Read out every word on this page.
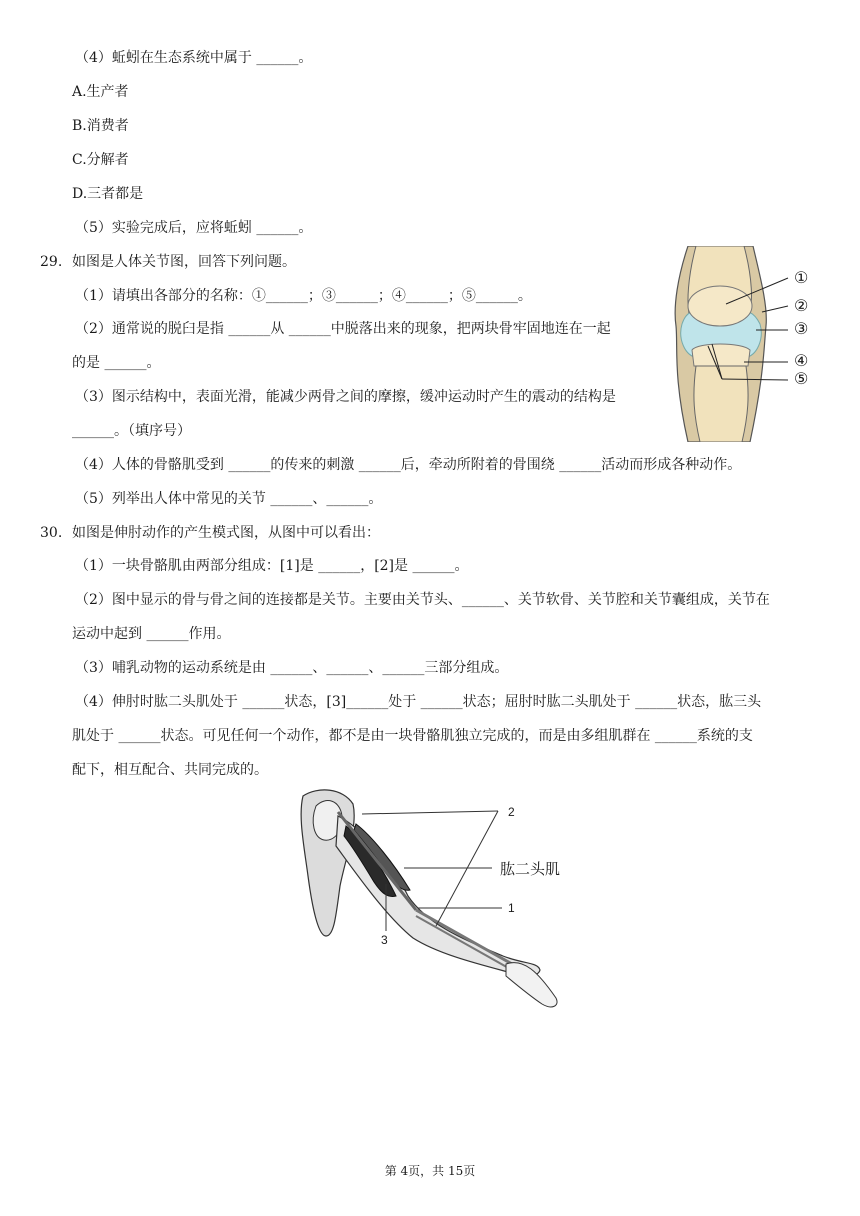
（4）蚯蚓在生态系统中属于 ______。
A.生产者
B.消费者
C.分解者
D.三者都是
（5）实验完成后，应将蚯蚓 ______。
29. 如图是人体关节图，回答下列问题。
（1）请填出各部分的名称：①______；③______；④______；⑤______。
（2）通常说的脱臼是指 ______从 ______中脱落出来的现象，把两块骨牢固地连在一起
的是 ______。
（3）图示结构中，表面光滑，能减少两骨之间的摩擦，缓冲运动时产生的震动的结构是
______。（填序号）
（4）人体的骨骼肌受到 ______的传来的刺激 ______后，牵动所附着的骨围绕 ______活动而形成各种动作。
（5）列举出人体中常见的关节 ______、______。
①
②
③
④
⑤
30. 如图是伸肘动作的产生模式图，从图中可以看出：
（1）一块骨骼肌由两部分组成：[1]是 ______，[2]是 ______。
（2）图中显示的骨与骨之间的连接都是关节。主要由关节头、______、关节软骨、关节腔和关节囊组成，关节在
运动中起到 ______作用。
（3）哺乳动物的运动系统是由 ______、______、______三部分组成。
（4）伸肘时肱二头肌处于 ______状态，[3]______处于 ______状态；屈肘时肱二头肌处于 ______状态，肱三头
肌处于 ______状态。可见任何一个动作，都不是由一块骨骼肌独立完成的，而是由多组肌群在 ______系统的支
配下，相互配合、共同完成的。
2
肱二头肌
1
3
第 4页，共 15页
